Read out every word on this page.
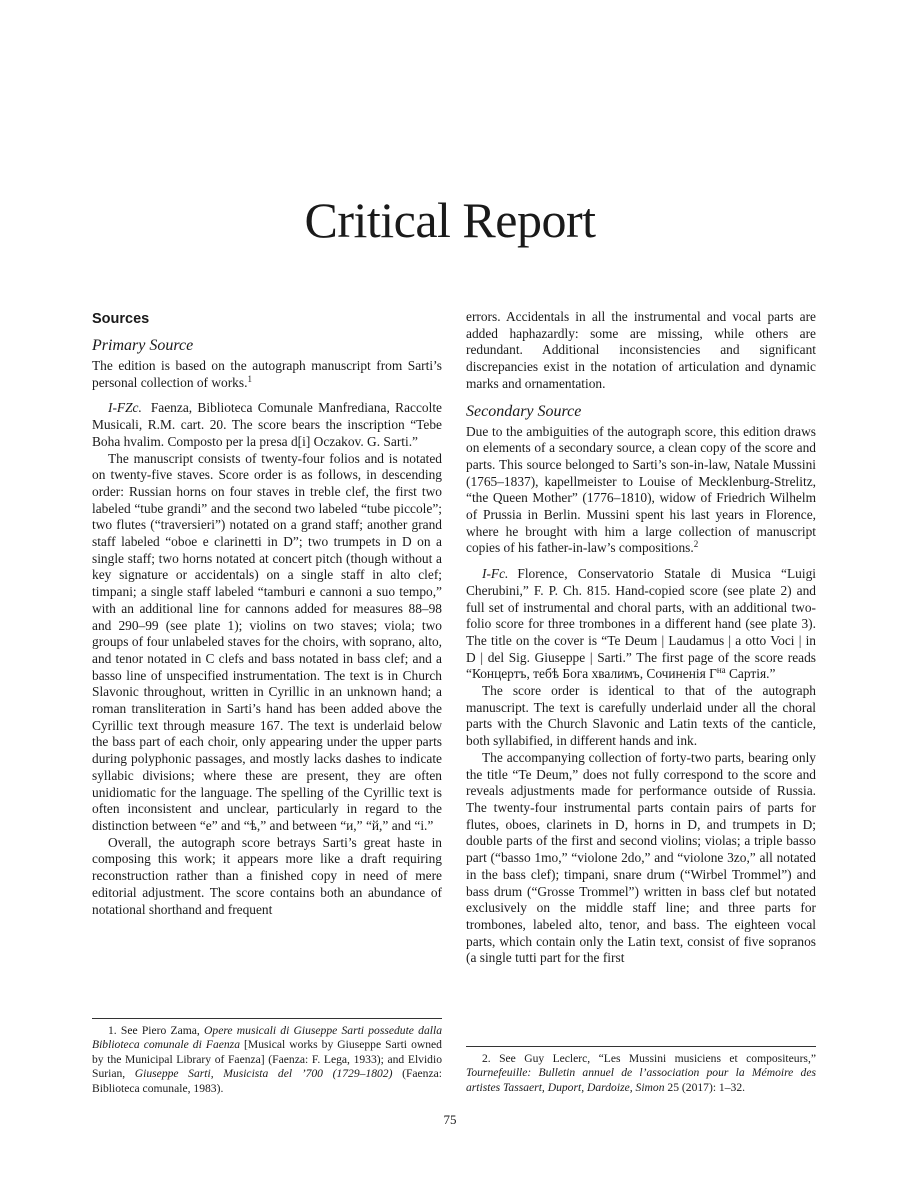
Critical Report
Sources
Primary Source

The edition is based on the autograph manuscript from Sarti’s personal collection of works.$^1$

I-FZc. Faenza, Biblioteca Comunale Manfrediana, Raccolte Musicali, R.M. cart. 20. The score bears the inscription “Tebe Boha hvalim. Composto per la presa d[i] Oczakov. G. Sarti.”

The manuscript consists of twenty-four folios and is notated on twenty-five staves. Score order is as follows, in descending order: Russian horns on four staves in treble clef, the first two labeled “tube grandi” and the second two labeled “tube piccole”; two flutes (“traversieri”) notated on a grand staff; another grand staff labeled “oboe e clarinetti in D”; two trumpets in D on a single staff; two horns notated at concert pitch (though without a key signature or accidentals) on a single staff in alto clef; timpani; a single staff labeled “tamburi e cannoni a suo tempo,” with an additional line for cannons added for measures 88–98 and 290–99 (see plate 1); violins on two staves; viola; two groups of four unlabeled staves for the choirs, with soprano, alto, and tenor notated in C clefs and bass notated in bass clef; and a basso line of unspecified instrumentation. The text is in Church Slavonic throughout, written in Cyrillic in an unknown hand; a roman transliteration in Sarti’s hand has been added above the Cyrillic text through measure 167. The text is underlaid below the bass part of each choir, only appearing under the upper parts during polyphonic passages, and mostly lacks dashes to indicate syllabic divisions; where these are present, they are often unidiomatic for the language. The spelling of the Cyrillic text is often inconsistent and unclear, particularly in regard to the distinction between “е” and “ѣ,” and between “и,” “й,” and “i.”

Overall, the autograph score betrays Sarti’s great haste in composing this work; it appears more like a draft requiring reconstruction rather than a finished copy in need of mere editorial adjustment. The score contains both an abundance of notational shorthand and frequent

errors. Accidentals in all the instrumental and vocal parts are added haphazardly: some are missing, while others are redundant. Additional inconsistencies and significant discrepancies exist in the notation of articulation and dynamic marks and ornamentation.

Secondary Source

Due to the ambiguities of the autograph score, this edition draws on elements of a secondary source, a clean copy of the score and parts. This source belonged to Sarti’s son-in-law, Natale Mussini (1765–1837), kapellmeister to Louise of Mecklenburg-Strelitz, “the Queen Mother” (1776–1810), widow of Friedrich Wilhelm of Prussia in Berlin. Mussini spent his last years in Florence, where he brought with him a large collection of manuscript copies of his father-in-law’s compositions.$^2$

I-Fc. Florence, Conservatorio Statale di Musica “Luigi Cherubini,” F. P. Ch. 815. Hand-copied score (see plate 2) and full set of instrumental and choral parts, with an additional two-folio score for three trombones in a different hand (see plate 3). The title on the cover is “Te Deum | Laudamus | a otto Voci | in D | del Sig. Giuseppe | Sarti.” The first page of the score reads “Концертъ, тебѣ Бога хвалимъ, Сочиненія $Г^{на}$ Сартія.”

The score order is identical to that of the autograph manuscript. The text is carefully underlaid under all the choral parts with the Church Slavonic and Latin texts of the canticle, both syllabified, in different hands and ink.

The accompanying collection of forty-two parts, bearing only the title “Te Deum,” does not fully correspond to the score and reveals adjustments made for performance outside of Russia. The twenty-four instrumental parts contain pairs of parts for flutes, oboes, clarinets in D, horns in D, and trumpets in D; double parts of the first and second violins; violas; a triple basso part (“basso 1mo,” “violone 2do,” and “violone 3zo,” all notated in the bass clef); timpani, snare drum (“Wirbel Trommel”) and bass drum (“Grosse Trommel”) written in bass clef but notated exclusively on the middle staff line; and three parts for trombones, labeled alto, tenor, and bass. The eighteen vocal parts, which contain only the Latin text, consist of five sopranos (a single tutti part for the first

1. See Piero Zama, Opere musicali di Giuseppe Sarti possedute dalla Biblioteca comunale di Faenza [Musical works by Giuseppe Sarti owned by the Municipal Library of Faenza] (Faenza: F. Lega, 1933); and Elvidio Surian, Giuseppe Sarti, Musicista del ’700 (1729–1802) (Faenza: Biblioteca comunale, 1983).

2. See Guy Leclerc, “Les Mussini musiciens et compositeurs,” Tournefeuille: Bulletin annuel de l’association pour la Mémoire des artistes Tassaert, Duport, Dardoize, Simon 25 (2017): 1–32.

75
